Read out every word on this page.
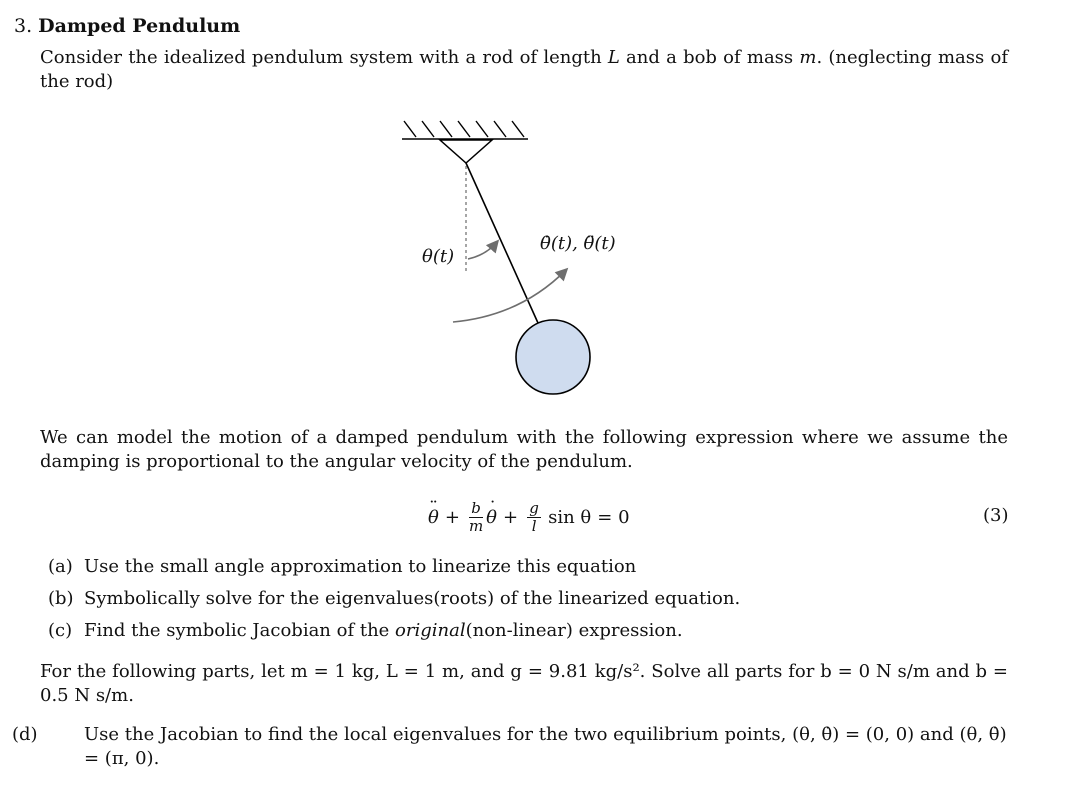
3. Damped Pendulum
Consider the idealized pendulum system with a rod of length L and a bob of mass m. (neglecting mass of the rod)
θ(t)
θ̇(t), θ̈(t)
We can model the motion of a damped pendulum with the following expression where we assume the damping is proportional to the angular velocity of the pendulum.
θ ¨ + $\frac{b}{m}$ θ ˙ + $\frac{g}{l}$ sin θ = 0	(3)
(a) Use the small angle approximation to linearize this equation
(b) Symbolically solve for the eigenvalues(roots) of the linearized equation.
(c) Find the symbolic Jacobian of the original(non-linear) expression.
For the following parts, let m = 1 kg, L = 1 m, and g = 9.81 kg/s². Solve all parts for b = 0 N s/m and b = 0.5 N s/m.
(d)	Use the Jacobian to find the local eigenvalues for the two equilibrium points, (θ, θ̇) = (0, 0) and (θ, θ̇) = (π, 0).
